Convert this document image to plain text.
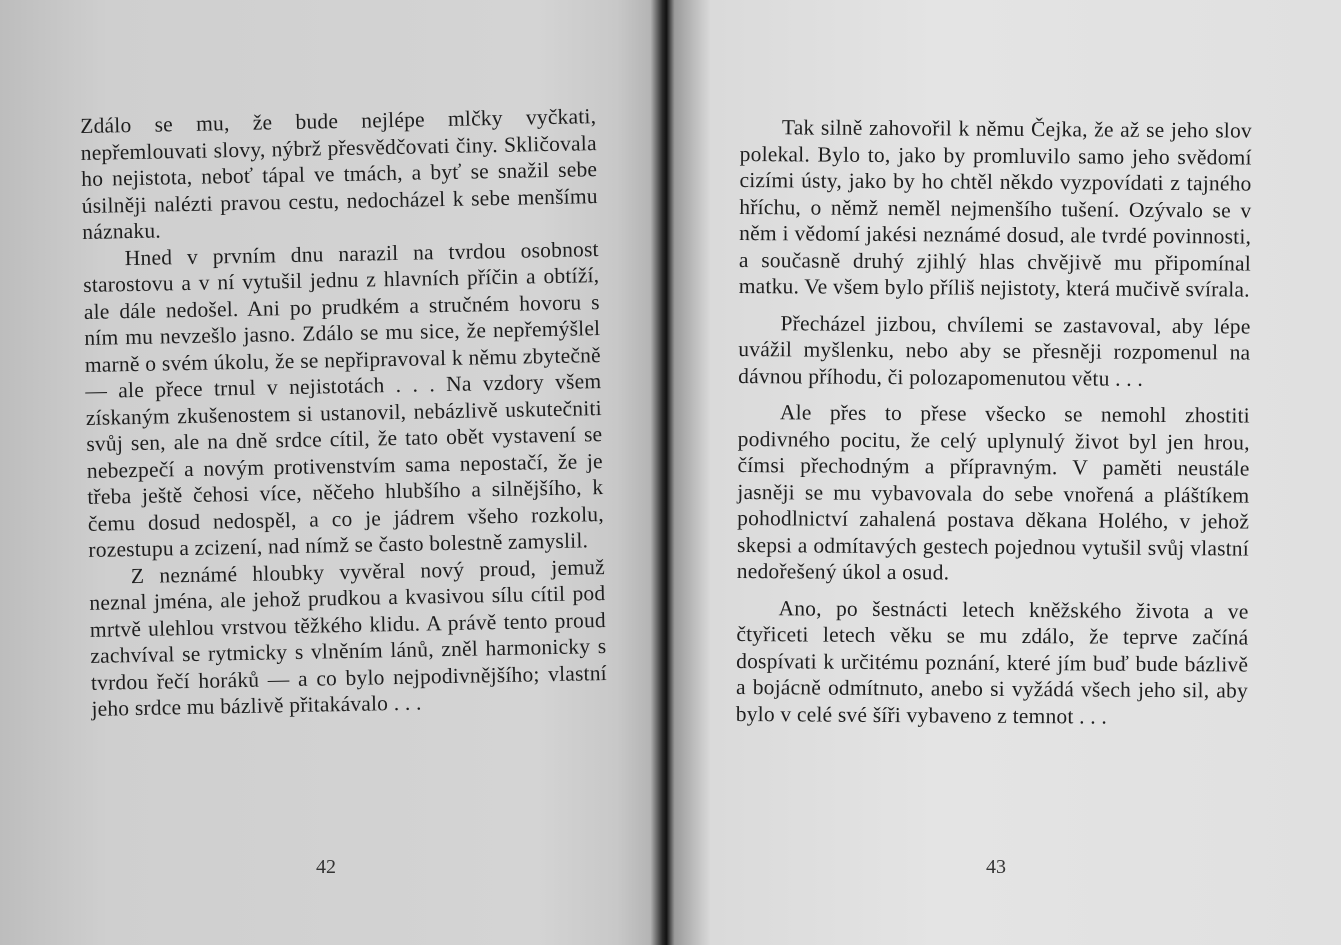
Zdálo se mu, že bude nejlépe mlčky vyčkati, nepřemlouvati slovy, nýbrž přesvědčovati činy. Skličovala ho nejistota, neboť tápal ve tmách, a byť se snažil sebe úsilněji nalézti pravou cestu, nedocházel k sebe menšímu náznaku.

Hned v prvním dnu narazil na tvrdou osobnost starostovu a v ní vytušil jednu z hlavních příčin a obtíží, ale dále nedošel. Ani po prudkém a stručném hovoru s ním mu nevzešlo jasno. Zdálo se mu sice, že nepřemýšlel marně o svém úkolu, že se nepřipravoval k němu zbytečně — ale přece trnul v nejistotách . . . Na vzdory všem získaným zkušenostem si ustanovil, nebázlivě uskutečniti svůj sen, ale na dně srdce cítil, že tato obět vystavení se nebezpečí a novým protivenstvím sama nepostačí, že je třeba ještě čehosi více, něčeho hlubšího a silnějšího, k čemu dosud nedospěl, a co je jádrem všeho rozkolu, rozestupu a zcizení, nad nímž se často bolestně zamyslil.

Z neznámé hloubky vyvěral nový proud, jemuž neznal jména, ale jehož prudkou a kvasivou sílu cítil pod mrtvě ulehlou vrstvou těžkého klidu. A právě tento proud zachvíval se rytmicky s vlněním lánů, zněl harmonicky s tvrdou řečí horáků — a co bylo nejpodivnějšího; vlastní jeho srdce mu bázlivě přitakávalo . . .

42

Tak silně zahovořil k němu Čejka, že až se jeho slov polekal. Bylo to, jako by promluvilo samo jeho svědomí cizími ústy, jako by ho chtěl někdo vyzpovídati z tajného hříchu, o němž neměl nejmenšího tušení. Ozývalo se v něm i vědomí jakési neznámé dosud, ale tvrdé povinnosti, a současně druhý zjihlý hlas chvějivě mu připomínal matku. Ve všem bylo příliš nejistoty, která mučivě svírala.

Přecházel jizbou, chvílemi se zastavoval, aby lépe uvážil myšlenku, nebo aby se přesněji rozpomenul na dávnou příhodu, či polozapomenutou větu . . .

Ale přes to přese všecko se nemohl zhostiti podivného pocitu, že celý uplynulý život byl jen hrou, čímsi přechodným a přípravným. V paměti neustále jasněji se mu vybavovala do sebe vnořená a pláštíkem pohodlnictví zahalená postava děkana Holého, v jehož skepsi a odmítavých gestech pojednou vytušil svůj vlastní nedořešený úkol a osud.

Ano, po šestnácti letech kněžského života a ve čtyřiceti letech věku se mu zdálo, že teprve začíná dospívati k určitému poznání, které jím buď bude bázlivě a bojácně odmítnuto, anebo si vyžádá všech jeho sil, aby bylo v celé své šíři vybaveno z temnot . . .

43
